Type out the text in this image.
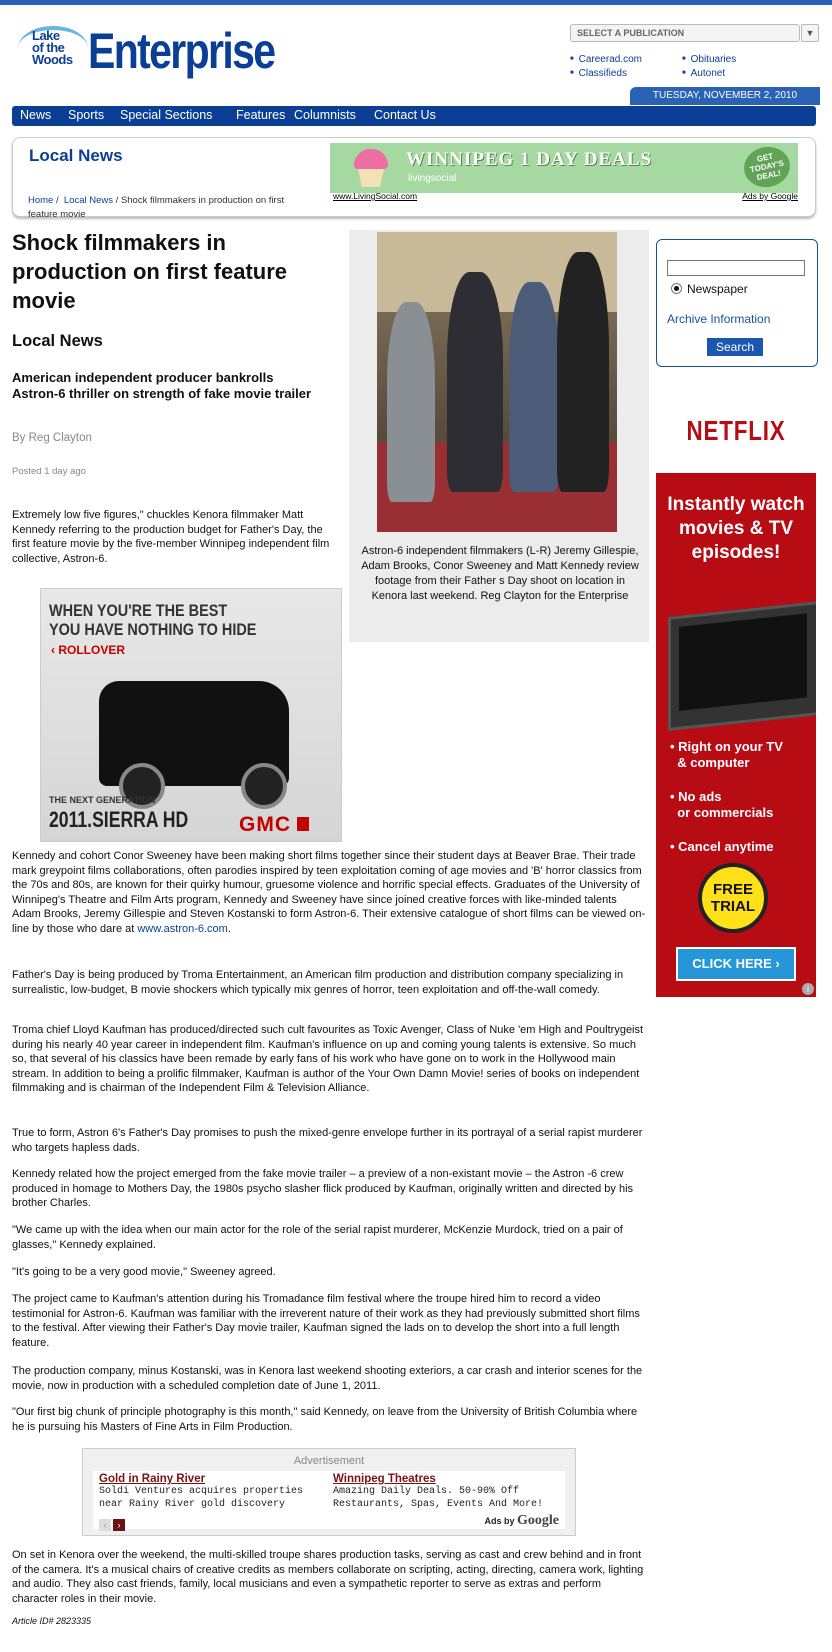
Lake
of the
Woods Enterprise	SELECT A PUBLICATION	▼
■ Careerad.com	■ Obituaries
■ Classifieds	■ Autonet
TUESDAY, NOVEMBER 2, 2010
News Sports Special Sections Features Columnists Contact Us
Local News	WINNIPEG 1 DAY DEALS
livingsocial
GET TODAY'S DEAL!
www.LivingSocial.com	Ads by Google
Home /  Local News / Shock filmmakers in production on first feature movie
Shock filmmakers in production on first feature movie
Local News
American independent producer bankrolls Astron-6 thriller on strength of fake movie trailer
By Reg Clayton
Posted 1 day ago
Extremely low five figures," chuckles Kenora filmmaker Matt Kennedy referring to the production budget for Father's Day, the first feature movie by the five-member Winnipeg independent film collective, Astron-6.
Astron-6 independent filmmakers (L-R) Jeremy Gillespie, Adam Brooks, Conor Sweeney and Matt Kennedy review footage from their Father s Day shoot on location in Kenora last weekend. Reg Clayton for the Enterprise
WHEN YOU'RE THE BEST
YOU HAVE NOTHING TO HIDE
‹ ROLLOVER
THE NEXT GENERATION
2011.SIERRA HD GMC

Kennedy and cohort Conor Sweeney have been making short films together since their student days at Beaver Brae. Their trade mark greypoint films collaborations, often parodies inspired by teen exploitation coming of age movies and 'B' horror classics from the 70s and 80s, are known for their quirky humour, gruesome violence and horrific special effects. Graduates of the University of Winnipeg's Theatre and Film Arts program, Kennedy and Sweeney have since joined creative forces with like-minded talents Adam Brooks, Jeremy Gillespie and Steven Kostanski to form Astron-6. Their extensive catalogue of short films can be viewed on-line by those who dare at www.astron-6.com.

Father's Day is being produced by Troma Entertainment, an American film production and distribution company specializing in surrealistic, low-budget, B movie shockers which typically mix genres of horror, teen exploitation and off-the-wall comedy.

Troma chief Lloyd Kaufman has produced/directed such cult favourites as Toxic Avenger, Class of Nuke 'em High and Poultrygeist during his nearly 40 year career in independent film. Kaufman's influence on up and coming young talents is extensive. So much so, that several of his classics have been remade by early fans of his work who have gone on to work in the Hollywood main stream. In addition to being a prolific filmmaker, Kaufman is author of the Your Own Damn Movie! series of books on independent filmmaking and is chairman of the Independent Film & Television Alliance.

True to form, Astron 6's Father's Day promises to push the mixed-genre envelope further in its portrayal of a serial rapist murderer who targets hapless dads.

Kennedy related how the project emerged from the fake movie trailer – a preview of a non-existant movie – the Astron -6 crew produced in homage to Mothers Day, the 1980s psycho slasher flick produced by Kaufman, originally written and directed by his brother Charles.

"We came up with the idea when our main actor for the role of the serial rapist murderer, McKenzie Murdock, tried on a pair of glasses," Kennedy explained.

"It's going to be a very good movie," Sweeney agreed.

The project came to Kaufman's attention during his Tromadance film festival where the troupe hired him to record a video testimonial for Astron-6. Kaufman was familiar with the irreverent nature of their work as they had previously submitted short films to the festival. After viewing their Father's Day movie trailer, Kaufman signed the lads on to develop the short into a full length feature.

The production company, minus Kostanski, was in Kenora last weekend shooting exteriors, a car crash and interior scenes for the movie, now in production with a scheduled completion date of June 1, 2011.

"Our first big chunk of principle photography is this month," said Kennedy, on leave from the University of British Columbia where he is pursuing his Masters of Fine Arts in Film Production.

Advertisement
Gold in Rainy River
Soldi Ventures acquires properties near Rainy River gold discovery
Winnipeg Theatres
Amazing Daily Deals. 50-90% Off Restaurants, Spas, Events And More!
‹ ›	Ads by Google

On set in Kenora over the weekend, the multi-skilled troupe shares production tasks, serving as cast and crew behind and in front of the camera. It's a musical chairs of creative credits as members collaborate on scripting, acting, directing, camera work, lighting and audio. They also cast friends, family, local musicians and even a sympathetic reporter to serve as extras and perform character roles in their movie.

Article ID# 2823335
Newspaper
Archive Information
Search
NETFLIX
Instantly watch movies & TV episodes!
• Right on your TV
& computer
• No ads
or commercials
• Cancel anytime
FREE TRIAL
CLICK HERE ›
i
